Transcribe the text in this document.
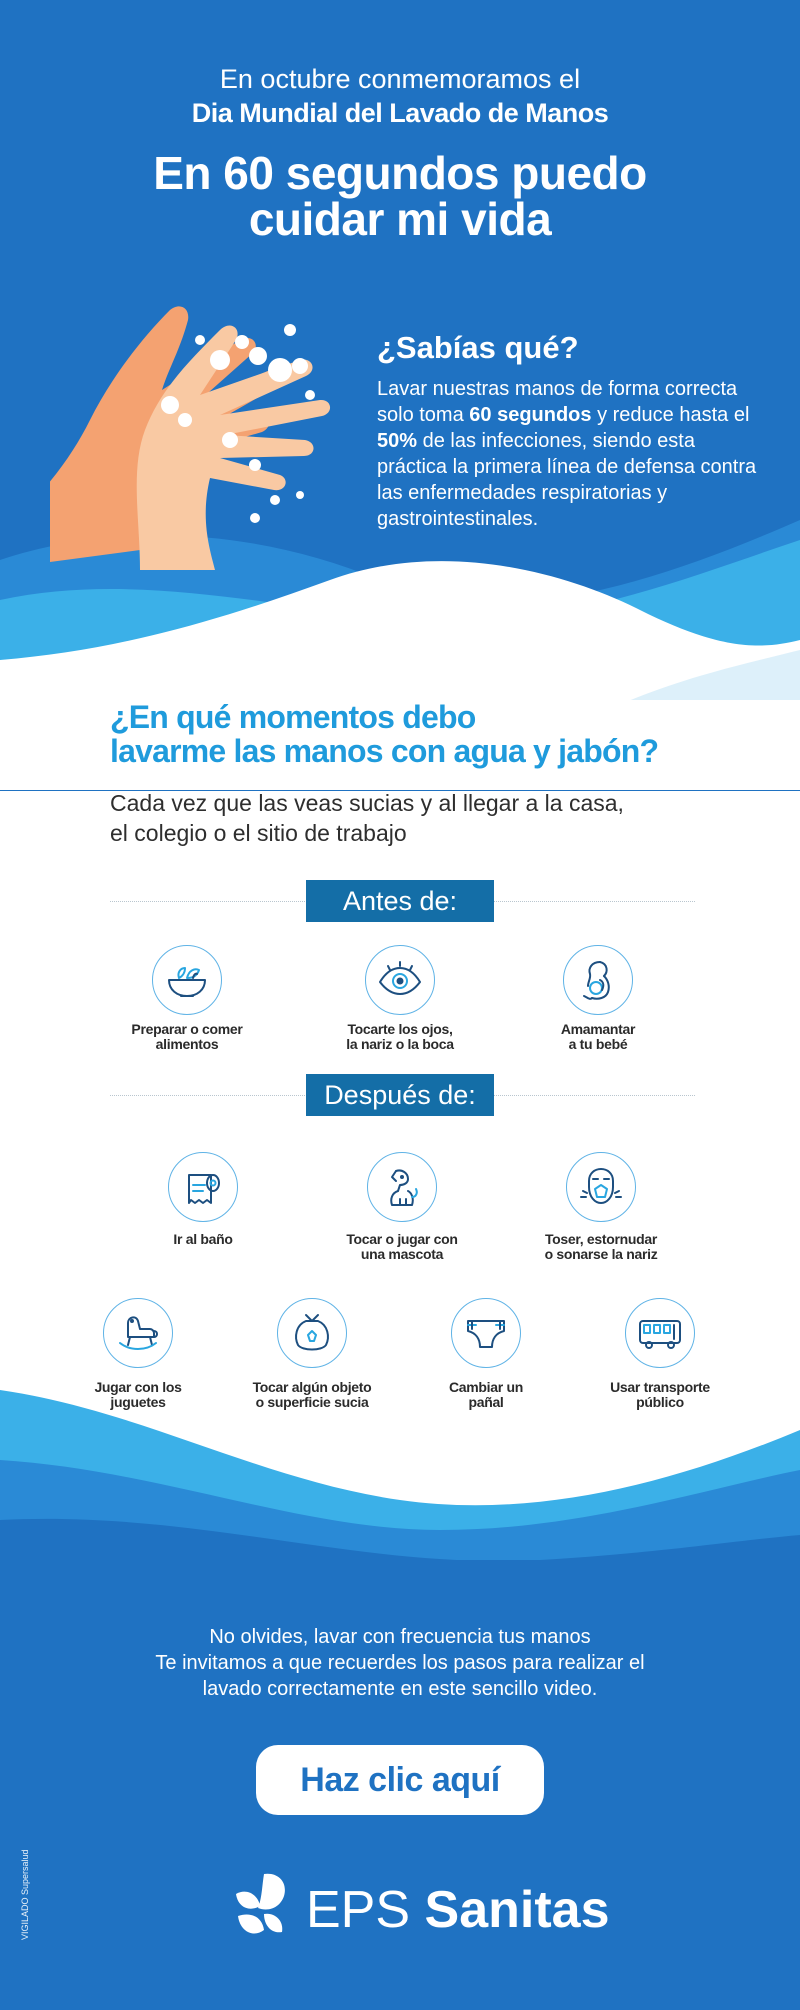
En octubre conmemoramos el
Dia Mundial del Lavado de Manos
En 60 segundos puedo
cuidar mi vida
¿Sabías qué?
Lavar nuestras manos de forma correcta solo toma 60 segundos y reduce hasta el 50% de las infecciones, siendo esta práctica la primera línea de defensa contra las enfermedades respiratorias y gastrointestinales.
¿En qué momentos debo
lavarme las manos con agua y jabón?
Cada vez que las veas sucias y al llegar a la casa,
el colegio o el sitio de trabajo
Antes de:
Preparar o comer
alimentos
Tocarte los ojos,
la nariz o la boca
Amamantar
a tu bebé
Después de:
Ir al baño	Tocar o jugar con
una mascota
Toser, estornudar
o sonarse la nariz
Jugar con los
juguetes
Tocar algún objeto
o superficie sucia
Cambiar un
pañal
Usar transporte
público
No olvides, lavar con frecuencia tus manos
Te invitamos a que recuerdes los pasos para realizar el
lavado correctamente en este sencillo video.
Haz clic aquí
EPS Sanitas
VIGILADO Supersalud
